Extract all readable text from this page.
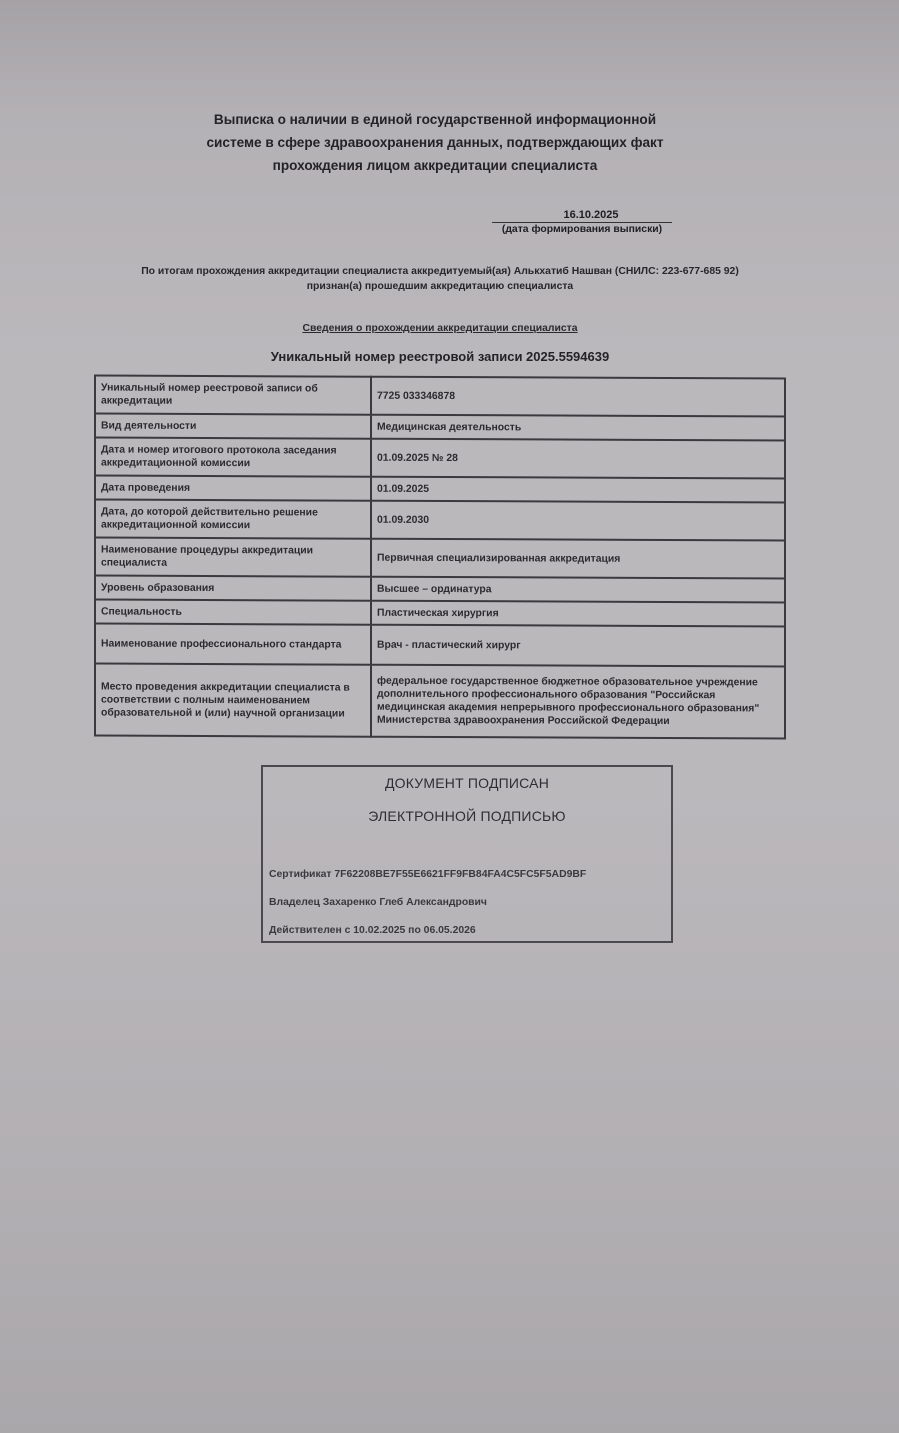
Выписка о наличии в единой государственной информационной
системе в сфере здравоохранения данных, подтверждающих факт
прохождения лицом аккредитации специалиста
16.10.2025
(дата формирования выписки)
По итогам прохождения аккредитации специалиста аккредитуемый(ая) Алькхатиб Нашван (СНИЛС: 223-677-685 92)
признан(а) прошедшим аккредитацию специалиста
Сведения о прохождении аккредитации специалиста
Уникальный номер реестровой записи 2025.5594639
Уникальный номер реестровой записи об аккредитации	7725 033346878
Вид деятельности	Медицинская деятельность
Дата и номер итогового протокола заседания аккредитационной комиссии	01.09.2025 № 28
Дата проведения	01.09.2025
Дата, до которой действительно решение аккредитационной комиссии	01.09.2030
Наименование процедуры аккредитации специалиста	Первичная специализированная аккредитация
Уровень образования	Высшее – ординатура
Специальность	Пластическая хирургия
Наименование профессионального стандарта	Врач - пластический хирург
Место проведения аккредитации специалиста в соответствии с полным наименованием образовательной и (или) научной организации	федеральное государственное бюджетное образовательное учреждение дополнительного профессионального образования "Российская медицинская академия непрерывного профессионального образования" Министерства здравоохранения Российской Федерации
ДОКУМЕНТ ПОДПИСАН
ЭЛЕКТРОННОЙ ПОДПИСЬЮ
Сертификат 7F62208BE7F55E6621FF9FB84FA4C5FC5F5AD9BF
Владелец Захаренко Глеб Александрович
Действителен с 10.02.2025 по 06.05.2026
